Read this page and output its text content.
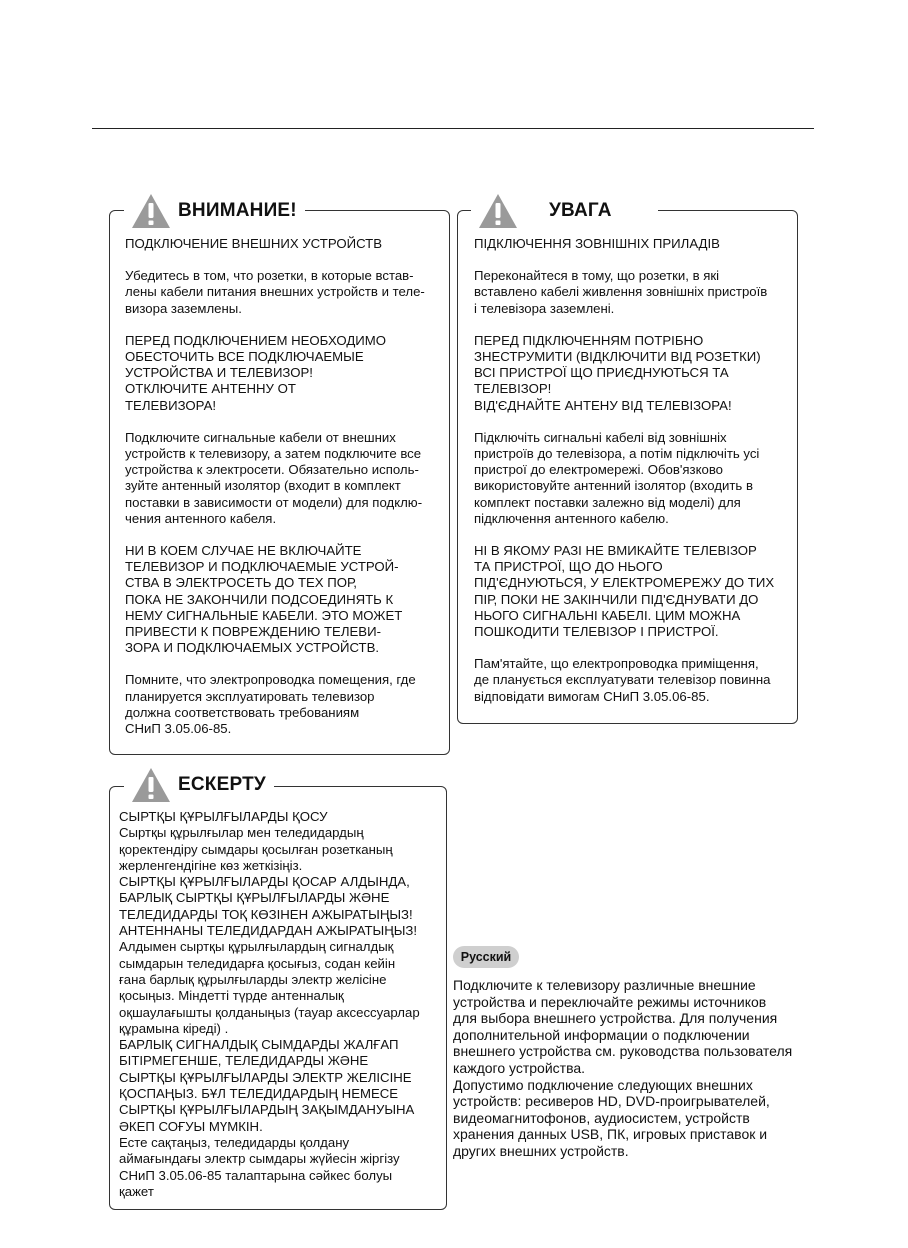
ВНИМАНИЕ!

ПОДКЛЮЧЕНИЕ ВНЕШНИХ УСТРОЙСТВ

Убедитесь в том, что розетки, в которые встав-
лены кабели питания внешних устройств и теле-
визора заземлены.

ПЕРЕД ПОДКЛЮЧЕНИЕМ НЕОБХОДИМО
ОБЕСТОЧИТЬ ВСЕ ПОДКЛЮЧАЕМЫЕ
УСТРОЙСТВА И ТЕЛЕВИЗОР!
ОТКЛЮЧИТЕ АНТЕННУ ОТ
ТЕЛЕВИЗОРА!

Подключите сигнальные кабели от внешних
устройств к телевизору, а затем подключите все
устройства к электросети. Обязательно исполь-
зуйте антенный изолятор (входит в комплект
поставки в зависимости от модели) для подклю-
чения антенного кабеля.

НИ В КОЕМ СЛУЧАЕ НЕ ВКЛЮЧАЙТЕ
ТЕЛЕВИЗОР И ПОДКЛЮЧАЕМЫЕ УСТРОЙ-
СТВА В ЭЛЕКТРОСЕТЬ ДО ТЕХ ПОР,
ПОКА НЕ ЗАКОНЧИЛИ ПОДСОЕДИНЯТЬ К
НЕМУ СИГНАЛЬНЫЕ КАБЕЛИ. ЭТО МОЖЕТ
ПРИВЕСТИ К ПОВРЕЖДЕНИЮ ТЕЛЕВИ-
ЗОРА И ПОДКЛЮЧАЕМЫХ УСТРОЙСТВ.

Помните, что электропроводка помещения, где
планируется эксплуатировать телевизор
должна соответствовать требованиям
СНиП 3.05.06-85.

УВАГА

ПІДКЛЮЧЕННЯ ЗОВНІШНІХ ПРИЛАДІВ

Переконайтеся в тому, що розетки, в які
вставлено кабелі живлення зовнішніх пристроїв
і телевізора заземлені.

ПЕРЕД ПІДКЛЮЧЕННЯМ ПОТРІБНО
ЗНЕСТРУМИТИ (ВІДКЛЮЧИТИ ВІД РОЗЕТКИ)
ВСІ ПРИСТРОЇ ЩО ПРИЄДНУЮТЬСЯ ТА
ТЕЛЕВІЗОР!
ВІД'ЄДНАЙТЕ АНТЕНУ ВІД ТЕЛЕВІЗОРА!

Підключіть сигнальні кабелі від зовнішніх
пристроїв до телевізора, а потім підключіть усі
пристрої до електромережі. Обов'язково
використовуйте антенний ізолятор (входить в
комплект поставки залежно від моделі) для
підключення антенного кабелю.

НІ В ЯКОМУ РАЗІ НЕ ВМИКАЙТЕ ТЕЛЕВІЗОР
ТА ПРИСТРОЇ, ЩО ДО НЬОГО
ПІД'ЄДНУЮТЬСЯ, У ЕЛЕКТРОМЕРЕЖУ ДО ТИХ
ПІР, ПОКИ НЕ ЗАКІНЧИЛИ ПІД'ЄДНУВАТИ ДО
НЬОГО СИГНАЛЬНІ КАБЕЛІ. ЦИМ МОЖНА
ПОШКОДИТИ ТЕЛЕВІЗОР І ПРИСТРОЇ.

Пам'ятайте, що електропроводка приміщення,
де планується експлуатувати телевізор повинна
відповідати вимогам СНиП 3.05.06-85.

ЕСКЕРТУ

СЫРТҚЫ ҚҰРЫЛҒЫЛАРДЫ ҚОСУ
Сыртқы құрылғылар мен теледидардың
қоректендіру сымдары қосылған розетканың
жерленгендігіне көз жеткізіңіз.
СЫРТҚЫ ҚҰРЫЛҒЫЛАРДЫ ҚОСАР АЛДЫНДА,
БАРЛЫҚ СЫРТҚЫ ҚҰРЫЛҒЫЛАРДЫ ЖӘНЕ
ТЕЛЕДИДАРДЫ ТОҚ КӨЗІНЕН АЖЫРАТЫҢЫЗ!
АНТЕННАНЫ ТЕЛЕДИДАРДАН АЖЫРАТЫҢЫЗ!
Алдымен сыртқы құрылғылардың сигналдық
сымдарын теледидарға қосығыз, содан кейін
ғана барлық құрылғыларды электр желісіне
қосыңыз. Міндетті түрде антенналық
оқшаулағышты қолданыңыз (тауар аксессуарлар
құрамына кіреді) .
БАРЛЫҚ СИГНАЛДЫҚ СЫМДАРДЫ ЖАЛҒАП
БІТІРМЕГЕНШЕ, ТЕЛЕДИДАРДЫ ЖӘНЕ
СЫРТҚЫ ҚҰРЫЛҒЫЛАРДЫ ЭЛЕКТР ЖЕЛІСІНЕ
ҚОСПАҢЫЗ. БҰЛ ТЕЛЕДИДАРДЫҢ НЕМЕСЕ
СЫРТҚЫ ҚҰРЫЛҒЫЛАРДЫҢ ЗАҚЫМДАНУЫНА
ӘКЕП СОҒУЫ МҮМКІН.
Есте сақтаңыз, теледидарды қолдану
аймағындағы электр сымдары жүйесін жіргізу
СНиП 3.05.06-85 талаптарына сәйкес болуы
қажет

Русский
Подключите к телевизору различные внешние
устройства и переключайте режимы источников
для выбора внешнего устройства. Для получения
дополнительной информации о подключении
внешнего устройства см. руководства пользователя
каждого устройства.
Допустимо подключение следующих внешних
устройств: ресиверов HD, DVD-проигрывателей,
видеомагнитофонов, аудиосистем, устройств
хранения данных USB, ПК, игровых приставок и
других внешних устройств.
